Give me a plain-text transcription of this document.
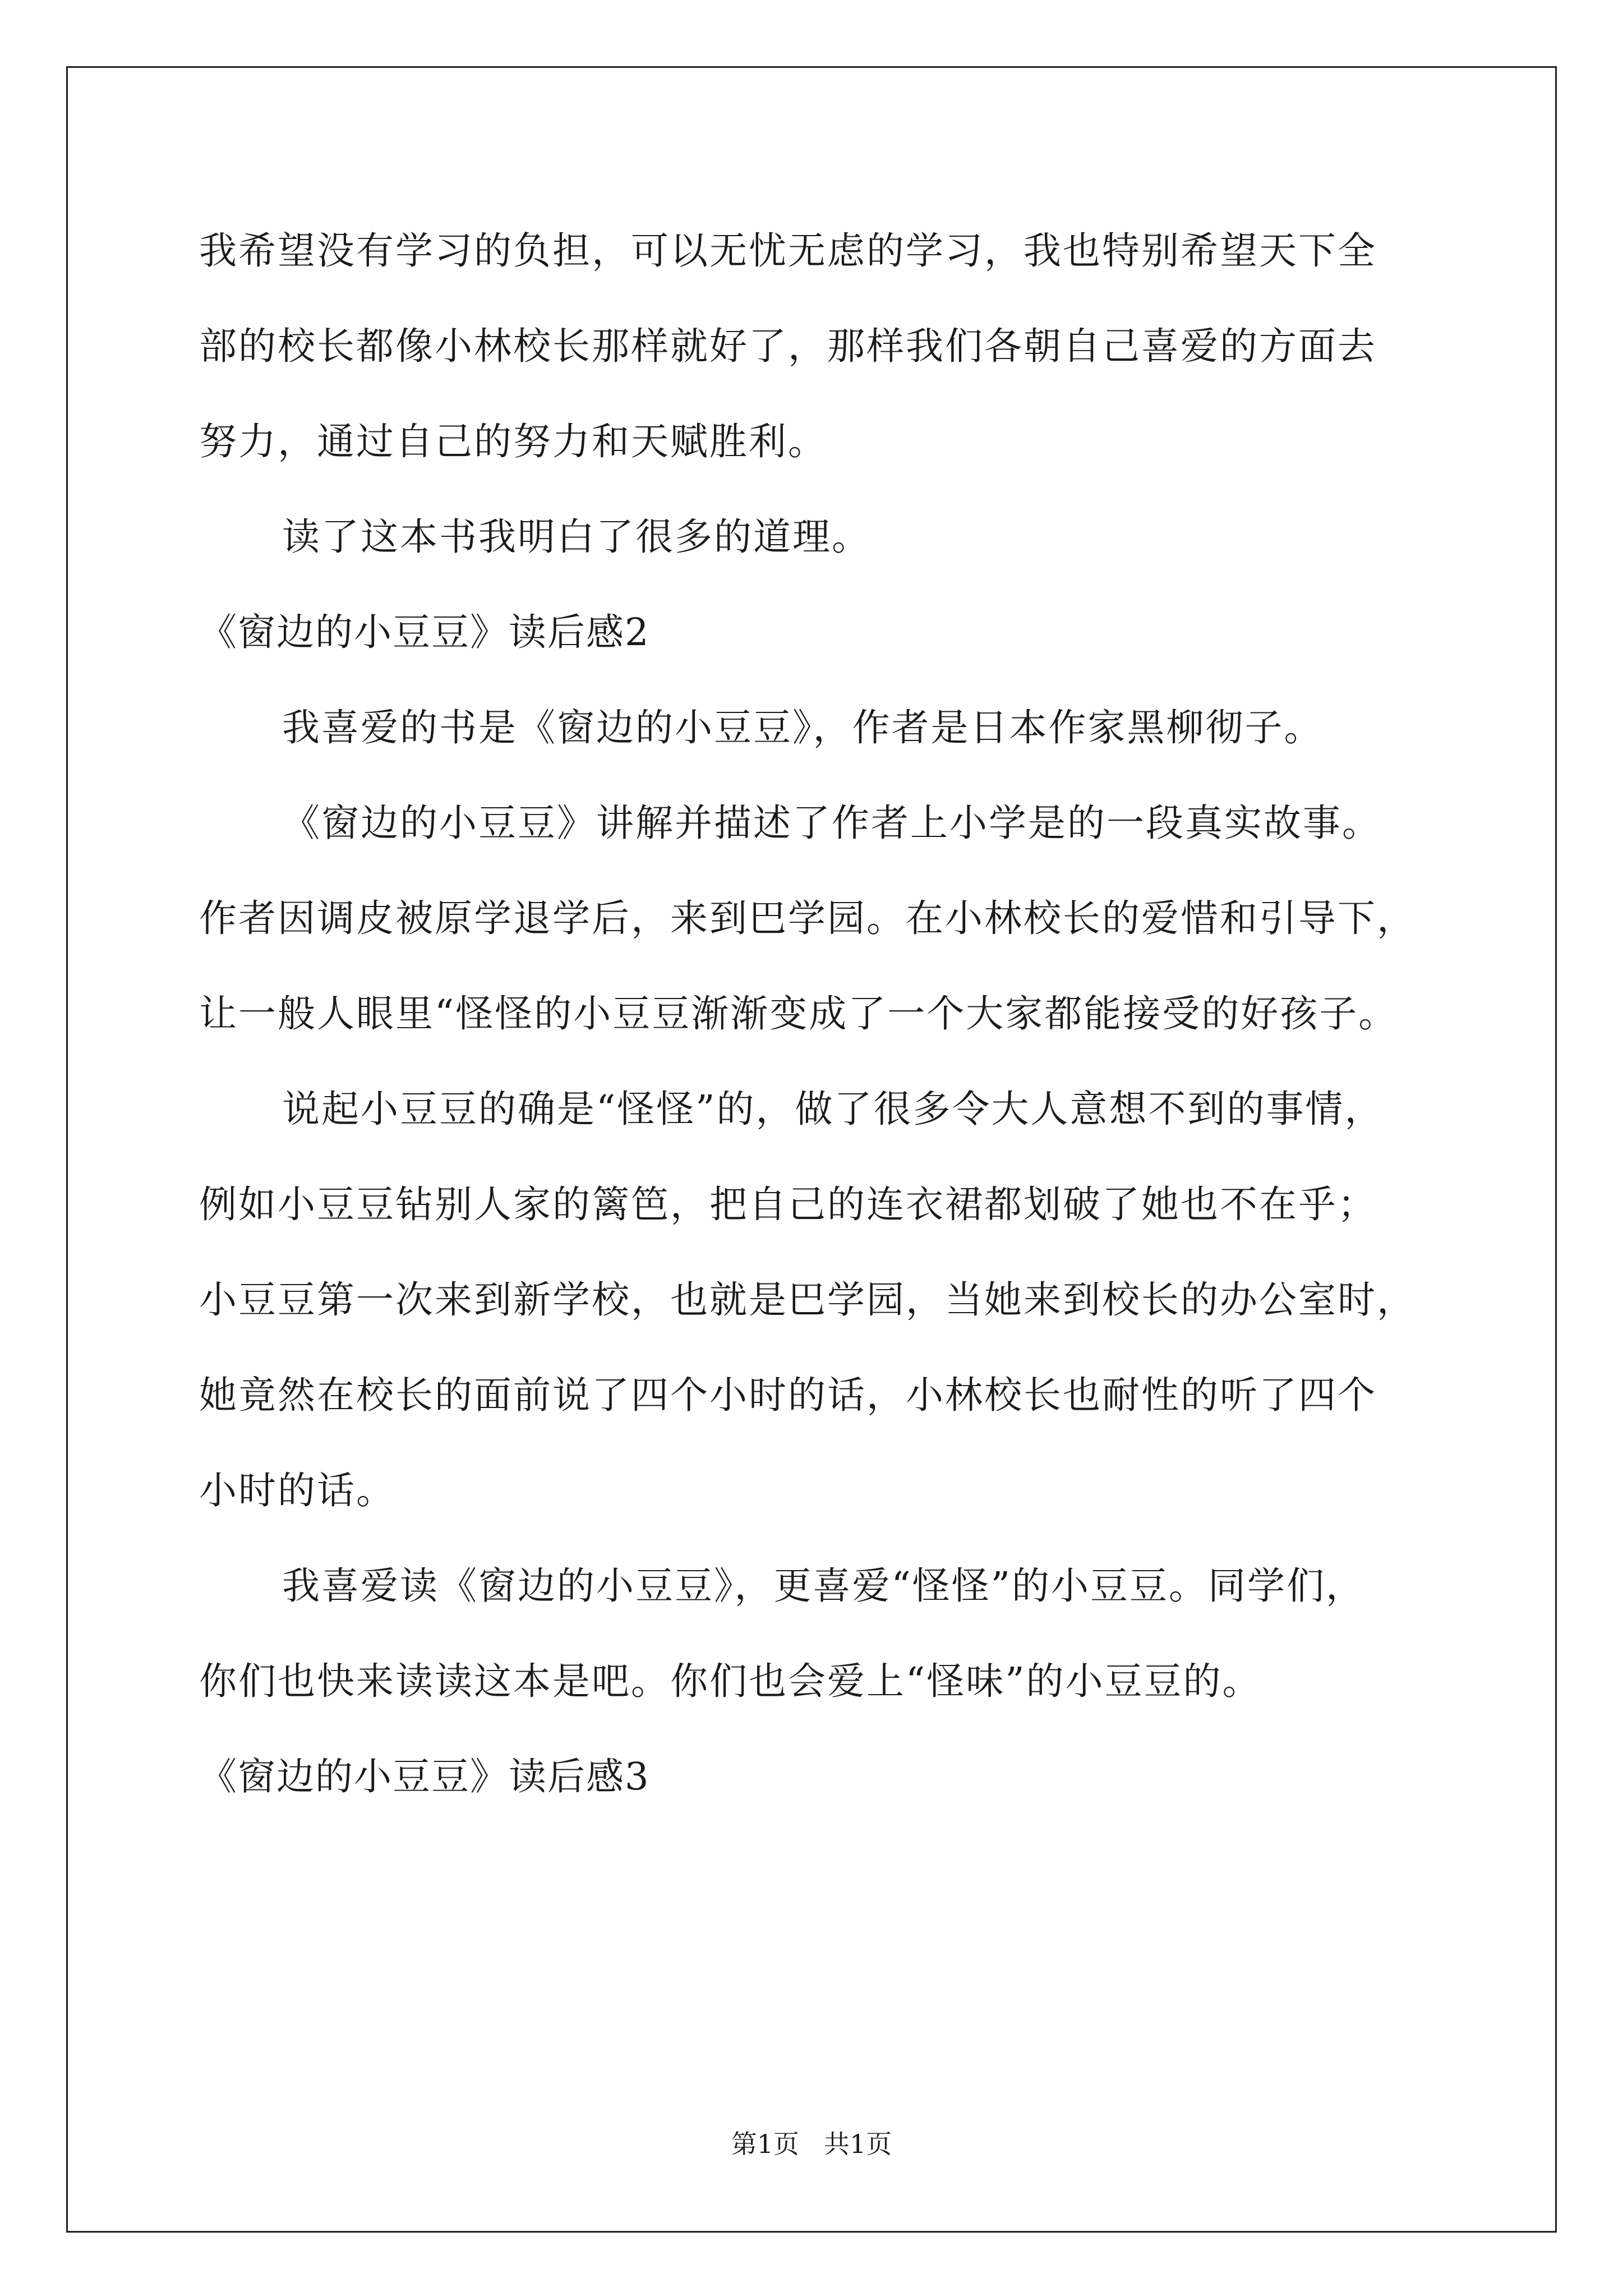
我希望没有学习的负担，可以无忧无虑的学习，我也特别希望天下全
部的校长都像小林校长那样就好了，那样我们各朝自己喜爱的方面去
努力，通过自己的努力和天赋胜利。
读了这本书我明白了很多的道理。
《窗边的小豆豆》读后感2
我喜爱的书是《窗边的小豆豆》，作者是日本作家黑柳彻子。
《窗边的小豆豆》讲解并描述了作者上小学是的一段真实故事。
作者因调皮被原学退学后，来到巴学园。在小林校长的爱惜和引导下，
让一般人眼里“怪怪的小豆豆渐渐变成了一个大家都能接受的好孩子。
说起小豆豆的确是“怪怪”的，做了很多令大人意想不到的事情，
例如小豆豆钻别人家的篱笆，把自己的连衣裙都划破了她也不在乎；
小豆豆第一次来到新学校，也就是巴学园，当她来到校长的办公室时，
她竟然在校长的面前说了四个小时的话，小林校长也耐性的听了四个
小时的话。
我喜爱读《窗边的小豆豆》，更喜爱“怪怪”的小豆豆。同学们，
你们也快来读读这本是吧。你们也会爱上“怪味”的小豆豆的。
《窗边的小豆豆》读后感3
第1页 共1页
